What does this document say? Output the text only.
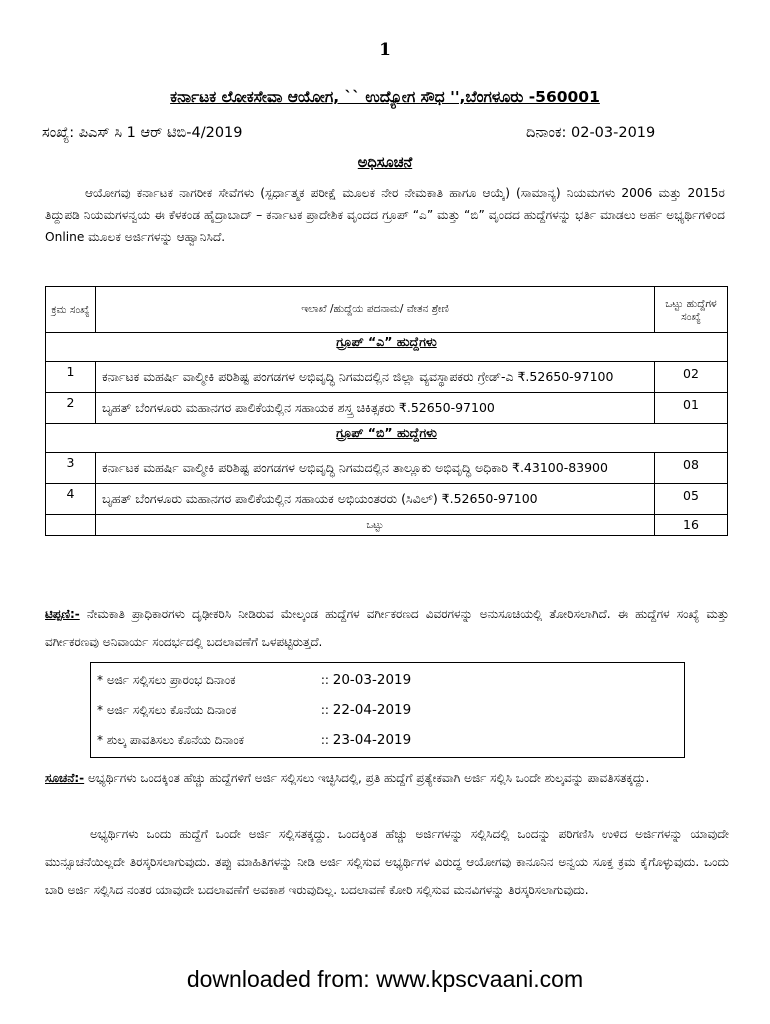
1
ಕರ್ನಾಟಕ ಲೋಕಸೇವಾ ಆಯೋಗ, `` ಉದ್ಯೋಗ ಸೌಧ '',ಬೆಂಗಳೂರು -560001
ಸಂಖ್ಯೆ: ಪಿಎಸ್ ಸಿ 1 ಆರ್ ಟಿಬಿ-4/2019	ದಿನಾಂಕ: 02-03-2019
ಅಧಿಸೂಚನೆ
ಆಯೋಗವು ಕರ್ನಾಟಕ ನಾಗರೀಕ ಸೇವೆಗಳು (ಸ್ಪರ್ಧಾತ್ಮಕ ಪರೀಕ್ಷೆ ಮೂಲಕ ನೇರ ನೇಮಕಾತಿ ಹಾಗೂ ಆಯ್ಕೆ) (ಸಾಮಾನ್ಯ) ನಿಯಮಗಳು 2006 ಮತ್ತು 2015ರ ತಿದ್ದುಪಡಿ ನಿಯಮಗಳನ್ವಯ ಈ ಕೆಳಕಂಡ ಹೈದ್ರಾಬಾದ್ – ಕರ್ನಾಟಕ ಪ್ರಾದೇಶಿಕ ವೃಂದದ ಗ್ರೂಪ್ “ಎ” ಮತ್ತು “ಬಿ” ವೃಂದದ ಹುದ್ದೆಗಳನ್ನು ಭರ್ತಿ ಮಾಡಲು ಅರ್ಹ ಅಭ್ಯರ್ಥಿಗಳಿಂದ Online ಮೂಲಕ ಅರ್ಜಿಗಳನ್ನು ಆಹ್ವಾನಿಸಿದೆ.
ಕ್ರಮ ಸಂಖ್ಯೆ	ಇಲಾಖೆ /ಹುದ್ದೆಯ ಪದನಾಮ/ ವೇತನ ಶ್ರೇಣಿ	ಒಟ್ಟು ಹುದ್ದೆಗಳ ಸಂಖ್ಯೆ
ಗ್ರೂಪ್ “ಎ” ಹುದ್ದೆಗಳು		
1	ಕರ್ನಾಟಕ ಮಹರ್ಷಿ ವಾಲ್ಮೀಕಿ ಪರಿಶಿಷ್ಟ ಪಂಗಡಗಳ ಅಭಿವೃದ್ಧಿ ನಿಗಮದಲ್ಲಿನ ಜಿಲ್ಲಾ ವ್ಯವಸ್ಥಾಪಕರು ಗ್ರೇಡ್-ಎ ₹.52650-97100	02
2	ಬೃಹತ್ ಬೆಂಗಳೂರು ಮಹಾನಗರ ಪಾಲಿಕೆಯಲ್ಲಿನ ಸಹಾಯಕ ಶಸ್ತ್ರ ಚಿಕಿತ್ಸಕರು ₹.52650-97100	01
ಗ್ರೂಪ್ “ಬಿ” ಹುದ್ದೆಗಳು		
3	ಕರ್ನಾಟಕ ಮಹರ್ಷಿ ವಾಲ್ಮೀಕಿ ಪರಿಶಿಷ್ಟ ಪಂಗಡಗಳ ಅಭಿವೃದ್ಧಿ ನಿಗಮದಲ್ಲಿನ ತಾಲ್ಲೂಕು ಅಭಿವೃದ್ಧಿ ಅಧಿಕಾರಿ ₹.43100-83900	08
4	ಬೃಹತ್ ಬೆಂಗಳೂರು ಮಹಾನಗರ ಪಾಲಿಕೆಯಲ್ಲಿನ ಸಹಾಯಕ ಅಭಿಯಂತರರು (ಸಿವಿಲ್) ₹.52650-97100	05
	ಒಟ್ಟು	16
ಟಿಪ್ಪಣಿ:- ನೇಮಕಾತಿ ಪ್ರಾಧಿಕಾರಗಳು ದೃಢೀಕರಿಸಿ ನೀಡಿರುವ ಮೇಲ್ಕಂಡ ಹುದ್ದೆಗಳ ವರ್ಗೀಕರಣದ ವಿವರಗಳನ್ನು ಅನುಸೂಚಿಯಲ್ಲಿ ತೋರಿಸಲಾಗಿದೆ. ಈ ಹುದ್ದೆಗಳ ಸಂಖ್ಯೆ ಮತ್ತು ವರ್ಗೀಕರಣವು ಅನಿವಾರ್ಯ ಸಂದರ್ಭದಲ್ಲಿ ಬದಲಾವಣೆಗೆ ಒಳಪಟ್ಟಿರುತ್ತದೆ.
* ಅರ್ಜಿ ಸಲ್ಲಿಸಲು ಪ್ರಾರಂಭ ದಿನಾಂಕ	:: 20-03-2019
* ಅರ್ಜಿ ಸಲ್ಲಿಸಲು ಕೊನೆಯ ದಿನಾಂಕ	:: 22-04-2019
* ಶುಲ್ಕ ಪಾವತಿಸಲು ಕೊನೆಯ ದಿನಾಂಕ	:: 23-04-2019
ಸೂಚನೆ:- ಅಭ್ಯರ್ಥಿಗಳು ಒಂದಕ್ಕಿಂತ ಹೆಚ್ಚು ಹುದ್ದೆಗಳಿಗೆ ಅರ್ಜಿ ಸಲ್ಲಿಸಲು ಇಚ್ಛಿಸಿದಲ್ಲಿ, ಪ್ರತಿ ಹುದ್ದೆಗೆ ಪ್ರತ್ಯೇಕವಾಗಿ ಅರ್ಜಿ ಸಲ್ಲಿಸಿ ಒಂದೇ ಶುಲ್ಕವನ್ನು ಪಾವತಿಸತಕ್ಕದ್ದು.
ಅಭ್ಯರ್ಥಿಗಳು ಒಂದು ಹುದ್ದೆಗೆ ಒಂದೇ ಅರ್ಜಿ ಸಲ್ಲಿಸತಕ್ಕದ್ದು. ಒಂದಕ್ಕಿಂತ ಹೆಚ್ಚು ಅರ್ಜಿಗಳನ್ನು ಸಲ್ಲಿಸಿದಲ್ಲಿ ಒಂದನ್ನು ಪರಿಗಣಿಸಿ ಉಳಿದ ಅರ್ಜಿಗಳನ್ನು ಯಾವುದೇ ಮುನ್ಸೂಚನೆಯಿಲ್ಲದೇ ತಿರಸ್ಕರಿಸಲಾಗುವುದು. ತಪ್ಪು ಮಾಹಿತಿಗಳನ್ನು ನೀಡಿ ಅರ್ಜಿ ಸಲ್ಲಿಸುವ ಅಭ್ಯರ್ಥಿಗಳ ವಿರುದ್ಧ ಆಯೋಗವು ಕಾನೂನಿನ ಅನ್ವಯ ಸೂಕ್ತ ಕ್ರಮ ಕೈಗೊಳ್ಳುವುದು. ಒಂದು ಬಾರಿ ಅರ್ಜಿ ಸಲ್ಲಿಸಿದ ನಂತರ ಯಾವುದೇ ಬದಲಾವಣೆಗೆ ಅವಕಾಶ ಇರುವುದಿಲ್ಲ. ಬದಲಾವಣೆ ಕೋರಿ ಸಲ್ಲಿಸುವ ಮನವಿಗಳನ್ನು ತಿರಸ್ಕರಿಸಲಾಗುವುದು.
downloaded from: www.kpscvaani.com
